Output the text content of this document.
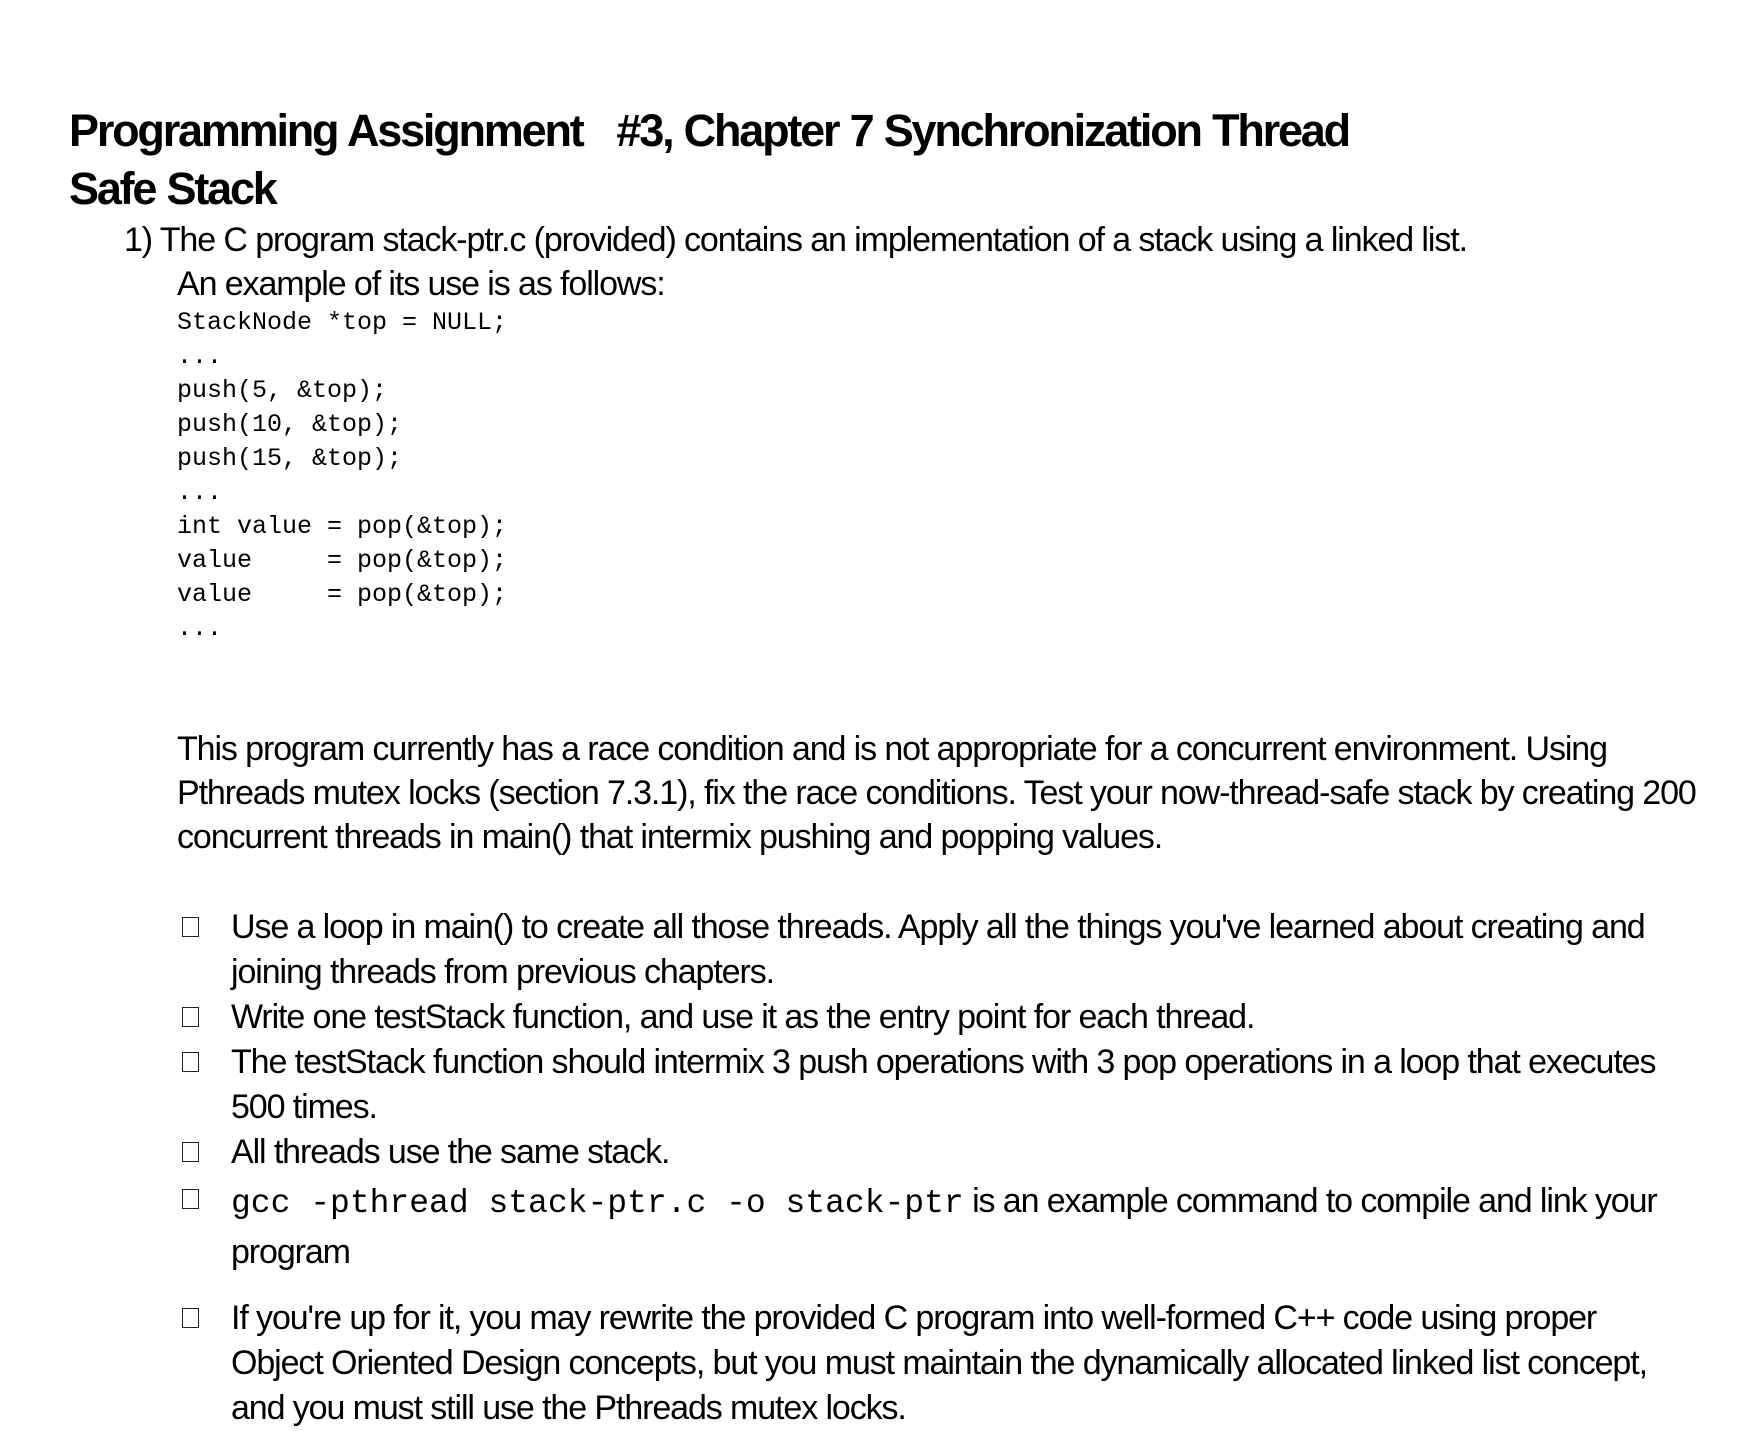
Programming Assignment   #3, Chapter 7 Synchronization Thread
Safe Stack
1) The C program stack-ptr.c (provided) contains an implementation of a stack using a linked list.
An example of its use is as follows:
StackNode *top = NULL;
...
push(5, &top);
push(10, &top);
push(15, &top);
...
int value = pop(&top);
value     = pop(&top);
value     = pop(&top);
...

This program currently has a race condition and is not appropriate for a concurrent environment. Using Pthreads mutex locks (section 7.3.1), fix the race conditions. Test your now-thread-safe stack by creating 200 concurrent threads in main() that intermix pushing and popping values.

Use a loop in main() to create all those threads. Apply all the things you've learned about creating and joining threads from previous chapters.
Write one testStack function, and use it as the entry point for each thread.
The testStack function should intermix 3 push operations with 3 pop operations in a loop that executes 500 times.
All threads use the same stack.
gcc -pthread stack-ptr.c -o stack-ptr is an example command to compile and link your program
If you're up for it, you may rewrite the provided C program into well-formed C++ code using proper Object Oriented Design concepts, but you must maintain the dynamically allocated linked list concept, and you must still use the Pthreads mutex locks.
